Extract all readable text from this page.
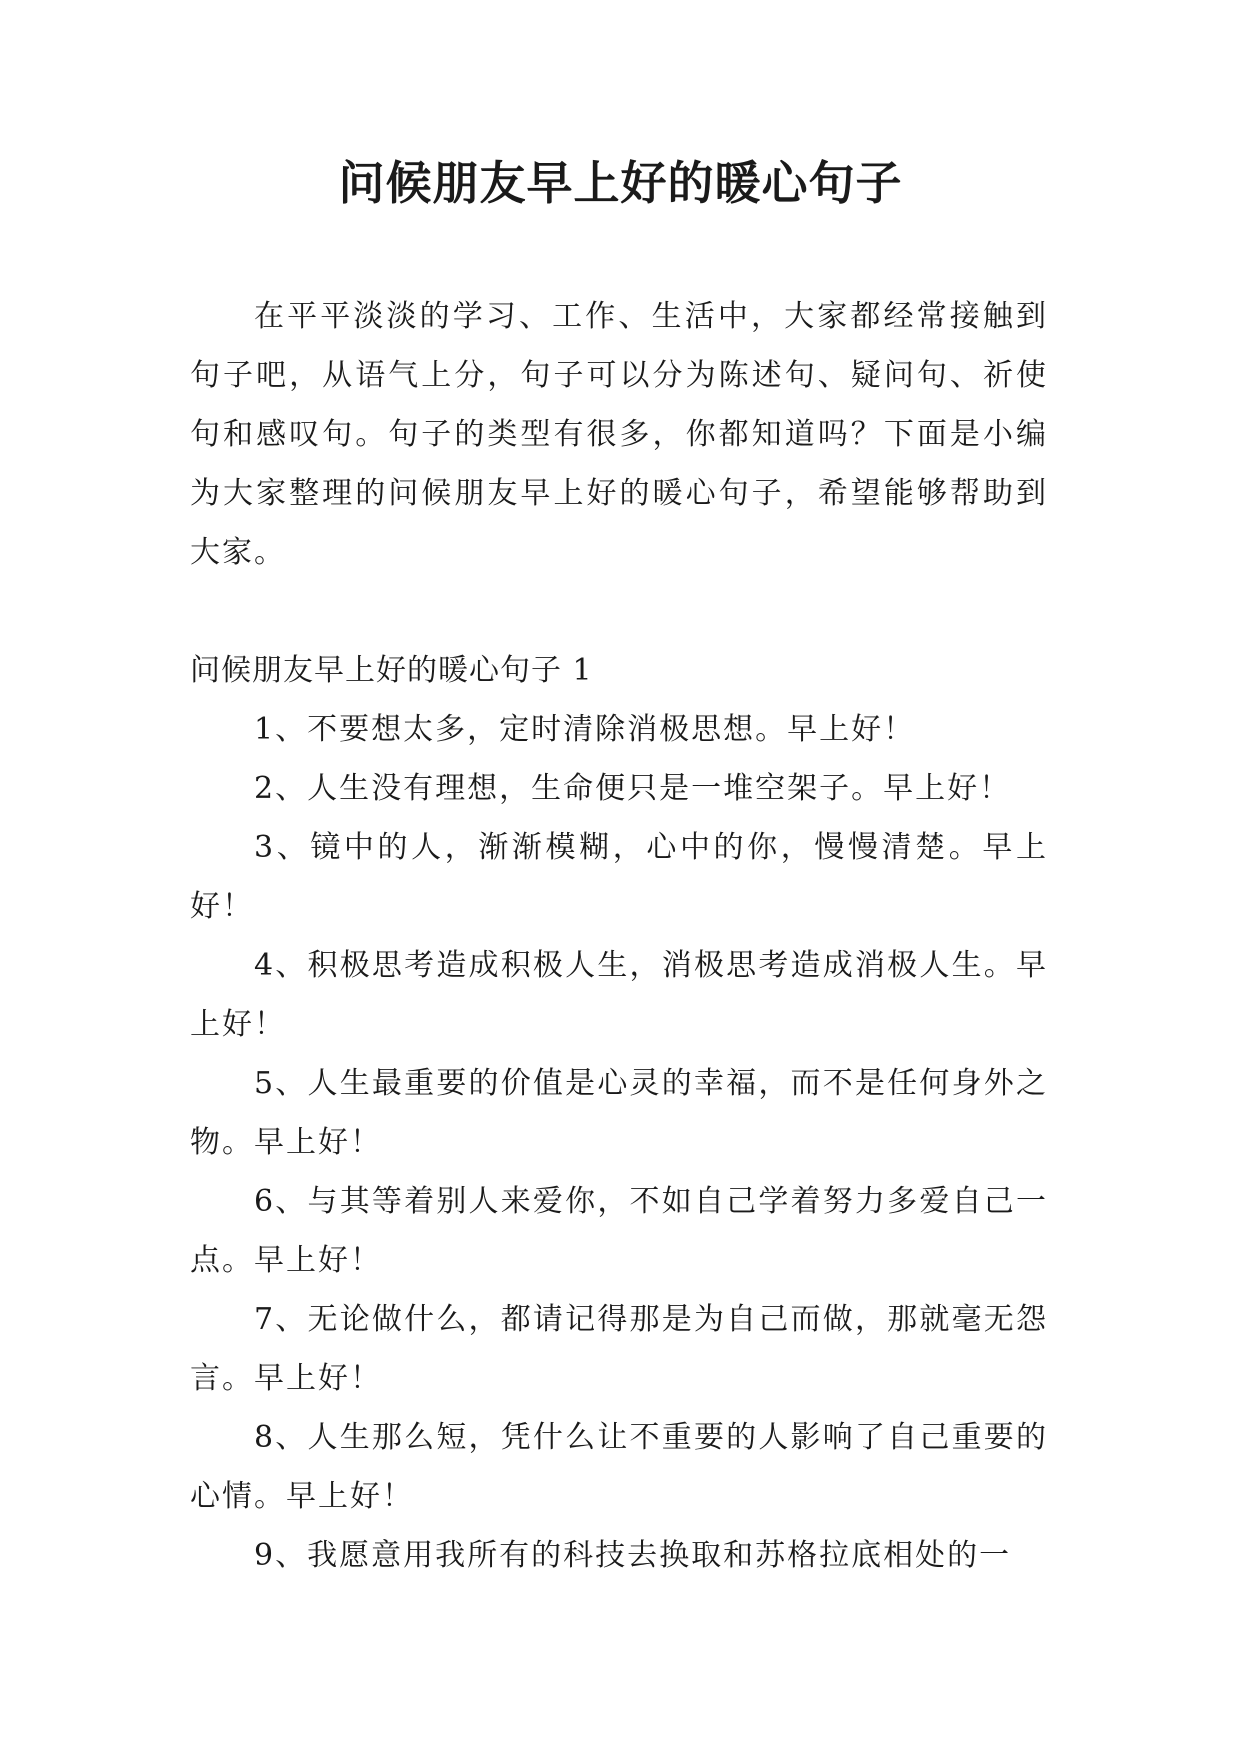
问候朋友早上好的暖心句子

在平平淡淡的学习、工作、生活中，大家都经常接触到句子吧，从语气上分，句子可以分为陈述句、疑问句、祈使句和感叹句。句子的类型有很多，你都知道吗？下面是小编为大家整理的问候朋友早上好的暖心句子，希望能够帮助到大家。

问候朋友早上好的暖心句子 1

1、不要想太多，定时清除消极思想。早上好！

2、人生没有理想，生命便只是一堆空架子。早上好！

3、镜中的人，渐渐模糊，心中的你，慢慢清楚。早上好！

4、积极思考造成积极人生，消极思考造成消极人生。早上好！

5、人生最重要的价值是心灵的幸福，而不是任何身外之物。早上好！

6、与其等着别人来爱你，不如自己学着努力多爱自己一点。早上好！

7、无论做什么，都请记得那是为自己而做，那就毫无怨言。早上好！

8、人生那么短，凭什么让不重要的人影响了自己重要的心情。早上好！

9、我愿意用我所有的科技去换取和苏格拉底相处的一
